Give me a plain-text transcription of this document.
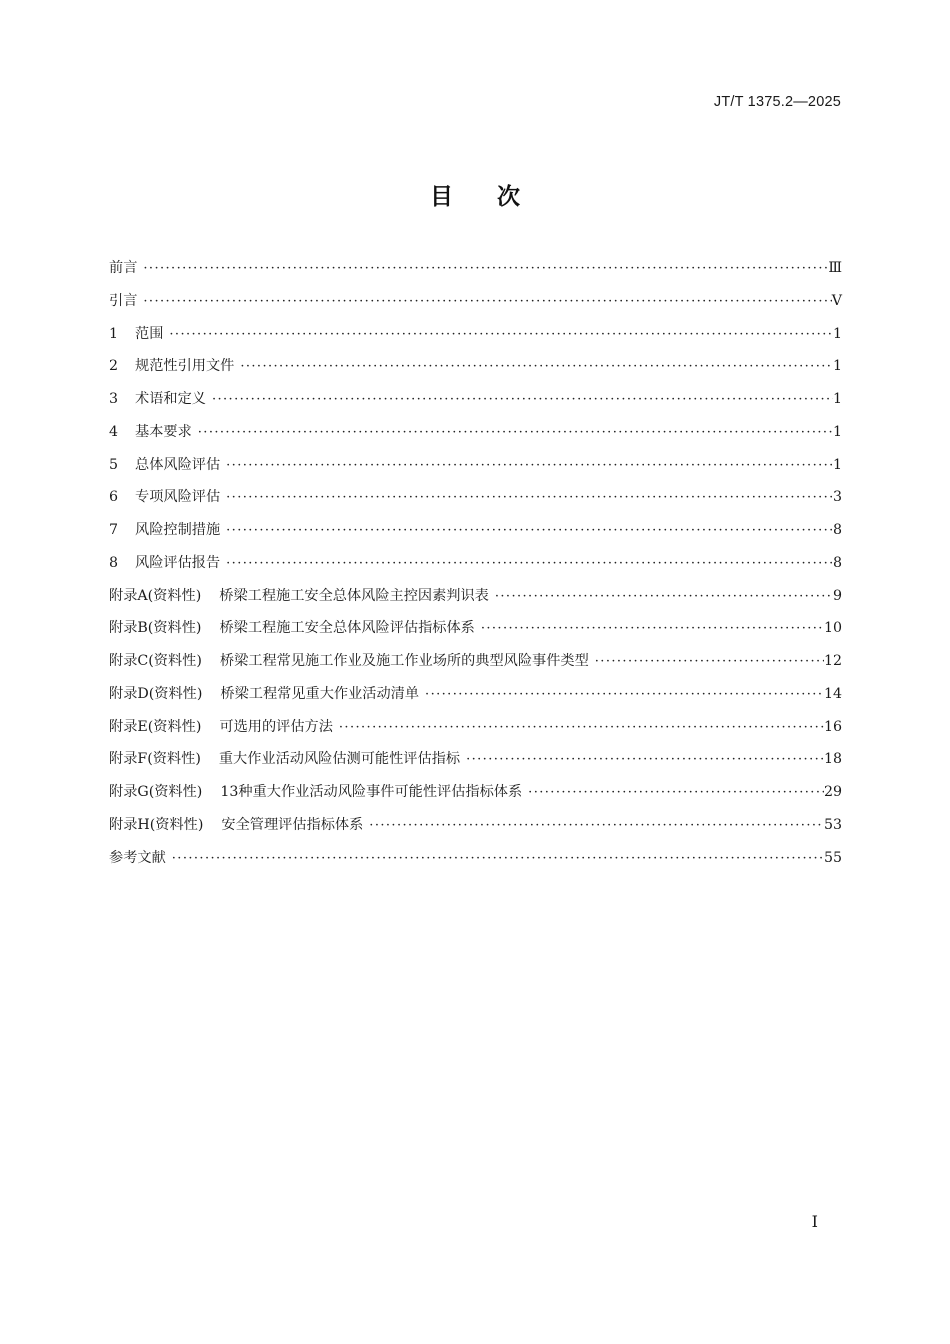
JT/T 1375.2—2025
目次
前言 ·····	Ⅲ
引言 ·····	Ⅴ
1	范围 ·····	1
2	规范性引用文件 ·····	1
3	术语和定义 ·····	1
4	基本要求 ·····	1
5	总体风险评估 ·····	1
6	专项风险评估 ·····	3
7	风险控制措施 ·····	8
8	风险评估报告 ·····	8
附录A(资料性) 桥梁工程施工安全总体风险主控因素判识表 ·····	9
附录B(资料性) 桥梁工程施工安全总体风险评估指标体系 ·····	10
附录C(资料性) 桥梁工程常见施工作业及施工作业场所的典型风险事件类型 ·····	12
附录D(资料性) 桥梁工程常见重大作业活动清单 ·····	14
附录E(资料性) 可选用的评估方法 ·····	16
附录F(资料性) 重大作业活动风险估测可能性评估指标 ·····	18
附录G(资料性) 13种重大作业活动风险事件可能性评估指标体系 ·····	29
附录H(资料性) 安全管理评估指标体系 ·····	53
参考文献 ·····	55
I
